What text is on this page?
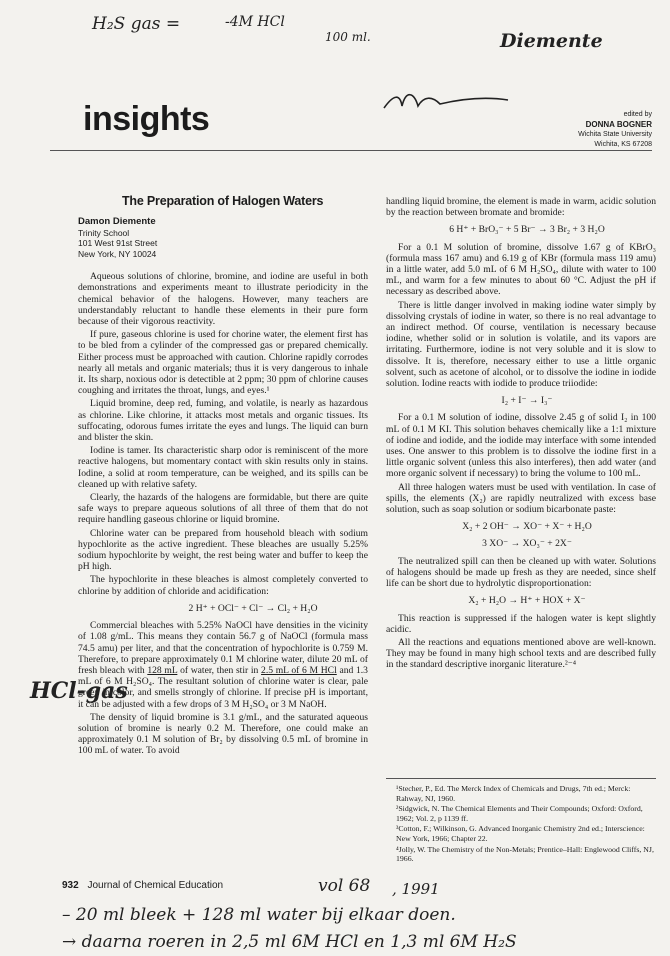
H₂S gas =	-4M HCl
100 ml.	Diemente
insights	edited by
DONNA BOGNER
Wichita State University
Wichita, KS 67208
The Preparation of Halogen Waters
Damon Diemente
Trinity School
101 West 91st Street
New York, NY 10024

Aqueous solutions of chlorine, bromine, and iodine are useful in both demonstrations and experiments meant to illustrate periodicity in the chemical behavior of the halogens. However, many teachers are understandably reluctant to handle these elements in their pure form because of their vigorous reactivity.

If pure, gaseous chlorine is used for chorine water, the element first has to be bled from a cylinder of the compressed gas or prepared chemically. Either process must be approached with caution. Chlorine rapidly corrodes nearly all metals and organic materials; thus it is very dangerous to inhale it. Its sharp, noxious odor is detectible at 2 ppm; 30 ppm of chlorine causes coughing and irritates the throat, lungs, and eyes.¹

Liquid bromine, deep red, fuming, and volatile, is nearly as hazardous as chlorine. Like chlorine, it attacks most metals and organic tissues. Its suffocating, odorous fumes irritate the eyes and lungs. The liquid can burn and blister the skin.

Iodine is tamer. Its characteristic sharp odor is reminiscent of the more reactive halogens, but momentary contact with skin results only in stains. Iodine, a solid at room temperature, can be weighed, and its spills can be cleaned up with relative safety.

Clearly, the hazards of the halogens are formidable, but there are quite safe ways to prepare aqueous solutions of all three of them that do not require handling gaseous chlorine or liquid bromine.

Chlorine water can be prepared from household bleach with sodium hypochlorite as the active ingredient. These bleaches are usually 5.25% sodium hypochlorite by weight, the rest being water and buffer to keep the pH high.

The hypochlorite in these bleaches is almost completely converted to chlorine by addition of chloride and acidification:

2 H⁺ + OCl⁻ + Cl⁻ → Cl₂ + H₂O

Commercial bleaches with 5.25% NaOCl have densities in the vicinity of 1.08 g/mL. This means they contain 56.7 g of NaOCl (formula mass 74.5 amu) per liter, and that the concentration of hypochlorite is 0.759 M. Therefore, to prepare approximately 0.1 M chlorine water, dilute 20 mL of fresh bleach with 128 mL of water, then stir in 2.5 mL of 6 M HCl and 1.3 mL of 6 M H₂SO₄. The resultant solution of chlorine water is clear, pale green in color, and smells strongly of chlorine. If precise pH is important, it can be adjusted with a few drops of 3 M H₂SO₄ or 3 M NaOH.

The density of liquid bromine is 3.1 g/mL, and the saturated aqueous solution of bromine is nearly 0.2 M. Therefore, one could make an approximately 0.1 M solution of Br₂ by dissolving 0.5 mL of bromine in 100 mL of water. To avoid

HCl-gas

handling liquid bromine, the element is made in warm, acidic solution by the reaction between bromate and bromide:

6 H⁺ + BrO₃⁻ + 5 Br⁻ → 3 Br₂ + 3 H₂O

For a 0.1 M solution of bromine, dissolve 1.67 g of KBrO₃ (formula mass 167 amu) and 6.19 g of KBr (formula mass 119 amu) in a little water, add 5.0 mL of 6 M H₂SO₄, dilute with water to 100 mL, and warm for a few minutes to about 60 °C. Adjust the pH if necessary as described above.

There is little danger involved in making iodine water simply by dissolving crystals of iodine in water, so there is no real advantage to an indirect method. Of course, ventilation is necessary because iodine, whether solid or in solution is volatile, and its vapors are irritating. Furthermore, iodine is not very soluble and it is slow to dissolve. It is, therefore, necessary either to use a little organic solvent, such as acetone of alcohol, or to dissolve the iodine in iodide solution. Iodine reacts with iodide to produce triiodide:

I₂ + I⁻ → I₃⁻

For a 0.1 M solution of iodine, dissolve 2.45 g of solid I₂ in 100 mL of 0.1 M KI. This solution behaves chemically like a 1:1 mixture of iodine and iodide, and the iodide may interface with some intended uses. One answer to this problem is to dissolve the iodine first in a little organic solvent (unless this also interferes), then add water (and more organic solvent if necessary) to bring the volume to 100 mL.

All three halogen waters must be used with ventilation. In case of spills, the elements (X₂) are rapidly neutralized with excess base solution, such as soap solution or sodium bicarbonate paste:

X₂ + 2 OH⁻ → XO⁻ + X⁻ + H₂O

3 XO⁻ → XO₃⁻ + 2X⁻

The neutralized spill can then be cleaned up with water. Solutions of halogens should be made up fresh as they are needed, since shelf life can be short due to hydrolytic disproportionation:

X₂ + H₂O → H⁺ + HOX + X⁻

This reaction is suppressed if the halogen water is kept slightly acidic.

All the reactions and equations mentioned above are well-known. They may be found in many high school texts and are described fully in the standard descriptive inorganic literature.²⁻⁴

¹Stecher, P., Ed. The Merck Index of Chemicals and Drugs, 7th ed.; Merck: Rahway, NJ, 1960.

²Sidgwick, N. The Chemical Elements and Their Compounds; Oxford: Oxford, 1962; Vol. 2, p 1139 ff.

³Cotton, F.; Wilkinson, G. Advanced Inorganic Chemistry 2nd ed.; Interscience: New York, 1966; Chapter 22.

⁴Jolly, W. The Chemistry of the Non-Metals; Prentice–Hall: Englewood Cliffs, NJ, 1966.

932 Journal of Chemical Education	vol 68 , 1991
– 20 ml bleek + 128 ml water bij elkaar doen.
→ daarna roeren in 2,5 ml 6M HCl en 1,3 ml 6M H₂S
